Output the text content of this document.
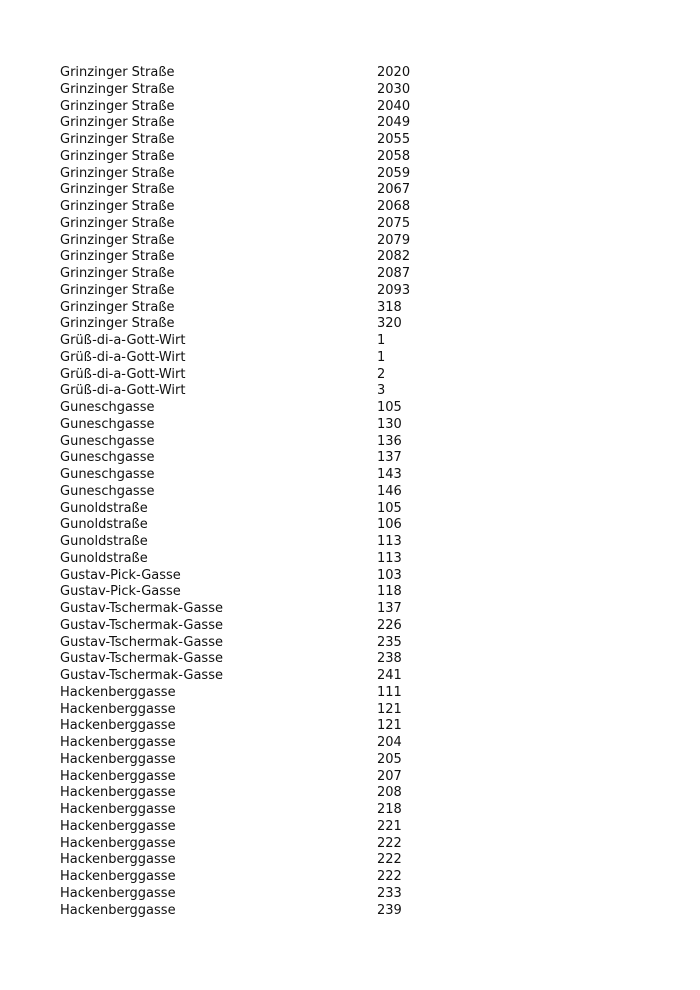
Grinzinger Straße	2020
Grinzinger Straße	2030
Grinzinger Straße	2040
Grinzinger Straße	2049
Grinzinger Straße	2055
Grinzinger Straße	2058
Grinzinger Straße	2059
Grinzinger Straße	2067
Grinzinger Straße	2068
Grinzinger Straße	2075
Grinzinger Straße	2079
Grinzinger Straße	2082
Grinzinger Straße	2087
Grinzinger Straße	2093
Grinzinger Straße	318
Grinzinger Straße	320
Grüß-di-a-Gott-Wirt	1
Grüß-di-a-Gott-Wirt	1
Grüß-di-a-Gott-Wirt	2
Grüß-di-a-Gott-Wirt	3
Guneschgasse	105
Guneschgasse	130
Guneschgasse	136
Guneschgasse	137
Guneschgasse	143
Guneschgasse	146
Gunoldstraße	105
Gunoldstraße	106
Gunoldstraße	113
Gunoldstraße	113
Gustav-Pick-Gasse	103
Gustav-Pick-Gasse	118
Gustav-Tschermak-Gasse	137
Gustav-Tschermak-Gasse	226
Gustav-Tschermak-Gasse	235
Gustav-Tschermak-Gasse	238
Gustav-Tschermak-Gasse	241
Hackenberggasse	111
Hackenberggasse	121
Hackenberggasse	121
Hackenberggasse	204
Hackenberggasse	205
Hackenberggasse	207
Hackenberggasse	208
Hackenberggasse	218
Hackenberggasse	221
Hackenberggasse	222
Hackenberggasse	222
Hackenberggasse	222
Hackenberggasse	233
Hackenberggasse	239
